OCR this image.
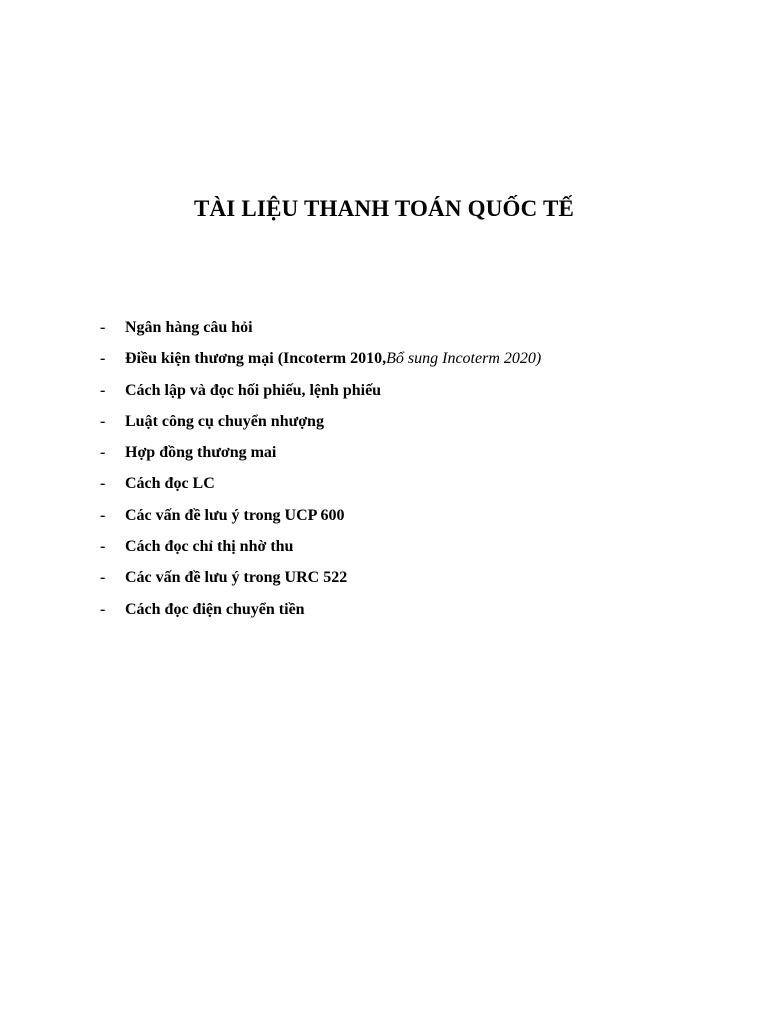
TÀI LIỆU THANH TOÁN QUỐC TẾ
- Ngân hàng câu hỏi
- Điều kiện thương mại (Incoterm 2010,Bổ sung Incoterm 2020)
- Cách lập và đọc hối phiếu, lệnh phiếu
- Luật công cụ chuyển nhượng
- Hợp đồng thương mai
- Cách đọc LC
- Các vấn đề lưu ý trong UCP 600
- Cách đọc chỉ thị nhờ thu
- Các vấn đề lưu ý trong URC 522
- Cách đọc điện chuyển tiền
